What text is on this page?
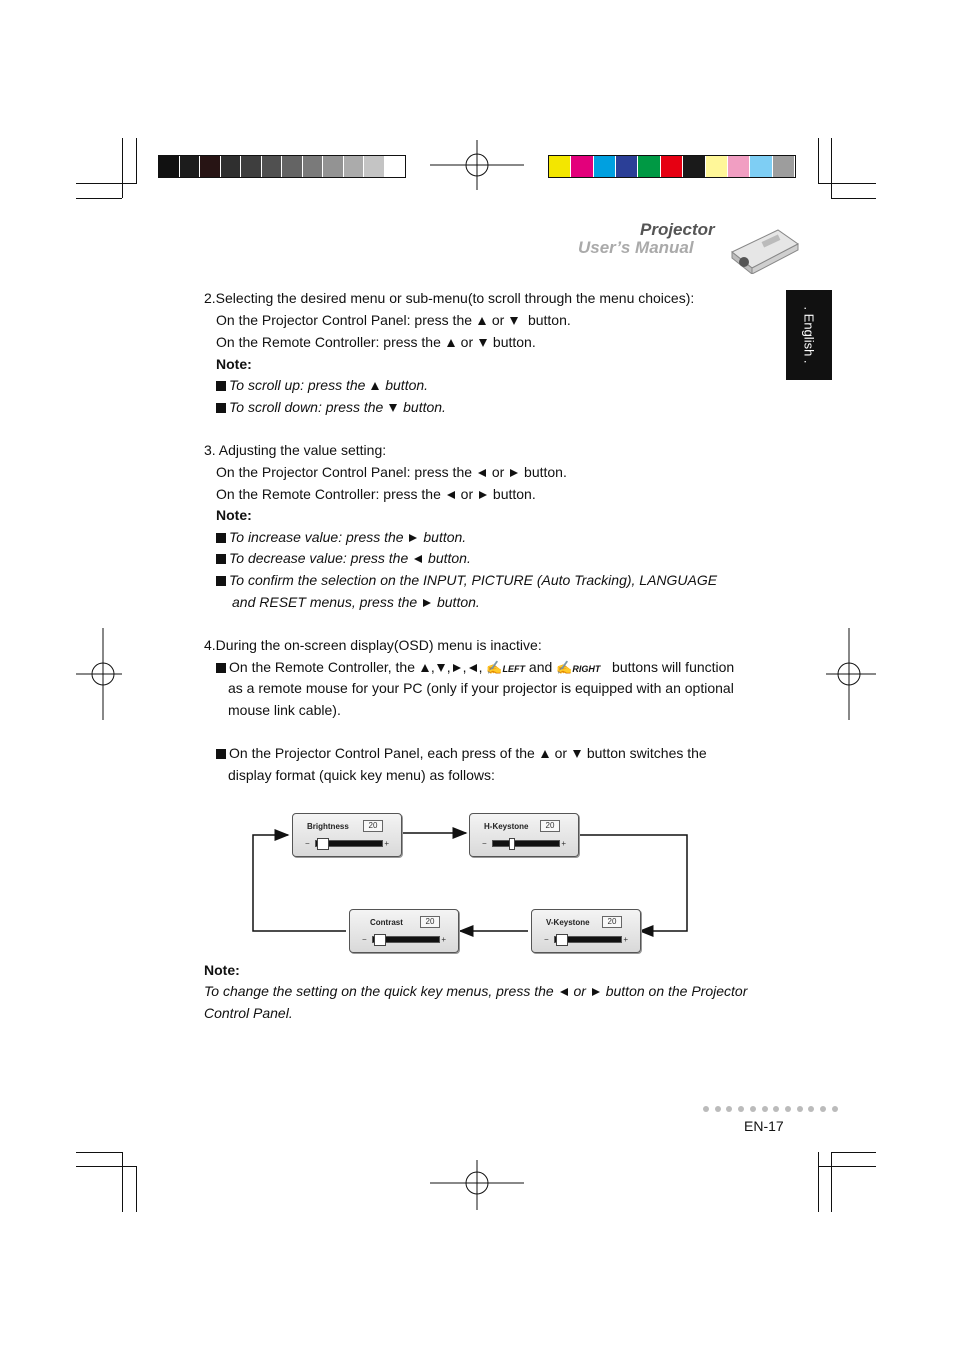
Projector
User’s Manual
. English .
2.Selecting the desired menu or sub-menu(to scroll through the menu choices):
On the Projector Control Panel: press the or button.
On the Remote Controller: press the or button.
Note:
To scroll up: press the button.
To scroll down: press the button.
3. Adjusting the value setting:
On the Projector Control Panel: press the or button.
On the Remote Controller: press the or button.
Note:
To increase value: press the button.
To decrease value: press the button.
To confirm the selection on the INPUT, PICTURE (Auto Tracking), LANGUAGE
and RESET menus, press the button.
4.During the on-screen display(OSD) menu is inactive:
On the Remote Controller, the , , , , ✍LEFT and ✍RIGHT buttons will function
as a remote mouse for your PC (only if your projector is equipped with an optional
mouse link cable).
On the Projector Control Panel, each press of the or button switches the
display format (quick key menu) as follows:
Brightness	20
−	+
H-Keystone	20
−	+
Contrast	20
−	+
V-Keystone	20
−	+
Note:
To change the setting on the quick key menus, press the or button on the Projector
Control Panel.
EN-17
